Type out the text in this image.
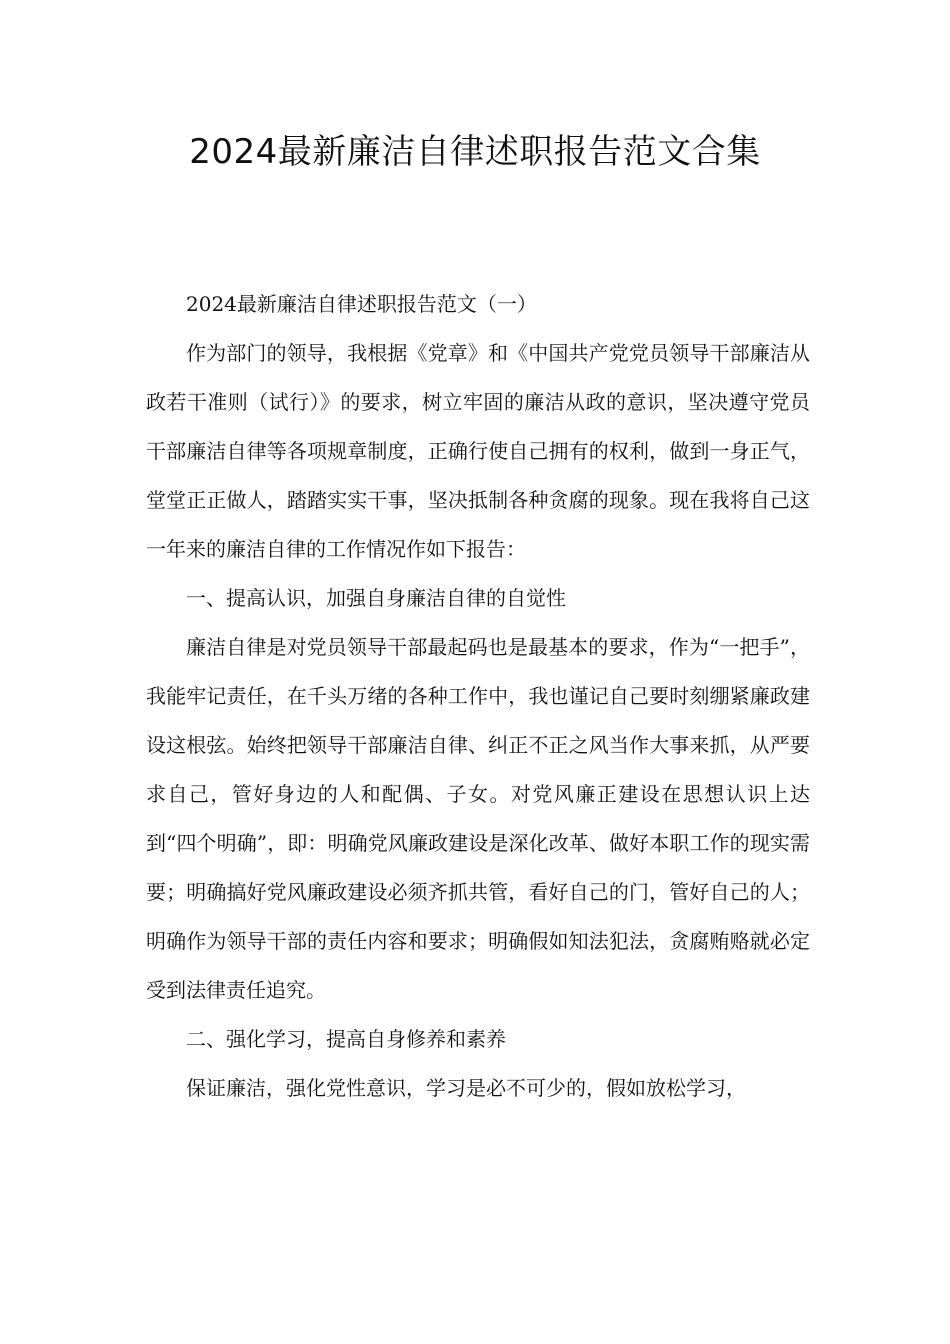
2024最新廉洁自律述职报告范文合集

2024最新廉洁自律述职报告范文（一）

作为部门的领导，我根据《党章》和《中国共产党党员领导干部廉洁从政若干准则（试行）》的要求，树立牢固的廉洁从政的意识，坚决遵守党员干部廉洁自律等各项规章制度，正确行使自己拥有的权利，做到一身正气，堂堂正正做人，踏踏实实干事，坚决抵制各种贪腐的现象。现在我将自己这一年来的廉洁自律的工作情况作如下报告：

一、提高认识，加强自身廉洁自律的自觉性

廉洁自律是对党员领导干部最起码也是最基本的要求，作为“一把手”，我能牢记责任，在千头万绪的各种工作中，我也谨记自己要时刻绷紧廉政建设这根弦。始终把领导干部廉洁自律、纠正不正之风当作大事来抓，从严要求自己，管好身边的人和配偶、子女。对党风廉正建设在思想认识上达到“四个明确”，即：明确党风廉政建设是深化改革、做好本职工作的现实需要；明确搞好党风廉政建设必须齐抓共管，看好自己的门，管好自己的人；明确作为领导干部的责任内容和要求；明确假如知法犯法，贪腐贿赂就必定受到法律责任追究。

二、强化学习，提高自身修养和素养

保证廉洁，强化党性意识，学习是必不可少的，假如放松学习，
